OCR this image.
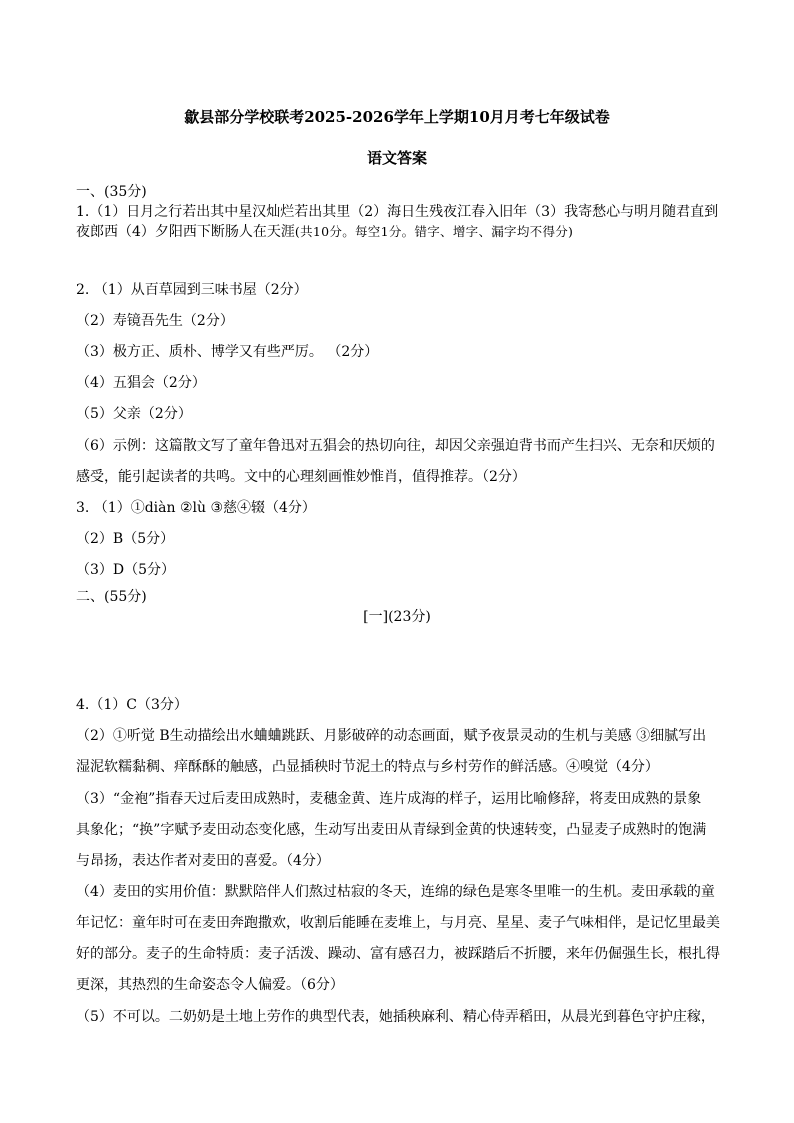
歙县部分学校联考2025-2026学年上学期10月月考七年级试卷
语文答案
一、(35分)
1.（1）日月之行若出其中星汉灿烂若出其里（2）海日生残夜江春入旧年（3）我寄愁心与明月随君直到
夜郎西（4）夕阳西下断肠人在天涯(共10分。每空1分。错字、增字、漏字均不得分)
2. （1）从百草园到三味书屋（2分）
（2）寿镜吾先生（2分）
（3）极方正、质朴、博学又有些严厉。 （2分）
（4）五猖会（2分）
（5）父亲（2分）
（6）示例：这篇散文写了童年鲁迅对五猖会的热切向往，却因父亲强迫背书而产生扫兴、无奈和厌烦的
感受，能引起读者的共鸣。文中的心理刻画惟妙惟肖，值得推荐。（2分）
3. （1）①diàn ②lù ③慈④辍（4分）
（2）B（5分）
（3）D（5分）
二、(55分)
[一](23分)
4.（1）C（3分）
（2）①听觉 B生动描绘出水蛐蛐跳跃、月影破碎的动态画面，赋予夜景灵动的生机与美感 ③细腻写出
湿泥软糯黏稠、痒酥酥的触感，凸显插秧时节泥土的特点与乡村劳作的鲜活感。④嗅觉（4分）
（3）“金袍”指春天过后麦田成熟时，麦穗金黄、连片成海的样子，运用比喻修辞，将麦田成熟的景象
具象化；“换”字赋予麦田动态变化感，生动写出麦田从青绿到金黄的快速转变，凸显麦子成熟时的饱满
与昂扬，表达作者对麦田的喜爱。（4分）
（4）麦田的实用价值：默默陪伴人们熬过枯寂的冬天，连绵的绿色是寒冬里唯一的生机。麦田承载的童
年记忆：童年时可在麦田奔跑撒欢，收割后能睡在麦堆上，与月亮、星星、麦子气味相伴，是记忆里最美
好的部分。麦子的生命特质：麦子活泼、躁动、富有感召力，被踩踏后不折腰，来年仍倔强生长，根扎得
更深，其热烈的生命姿态令人偏爱。（6分）
（5）不可以。二奶奶是土地上劳作的典型代表，她插秧麻利、精心侍弄稻田，从晨光到暮色守护庄稼，
